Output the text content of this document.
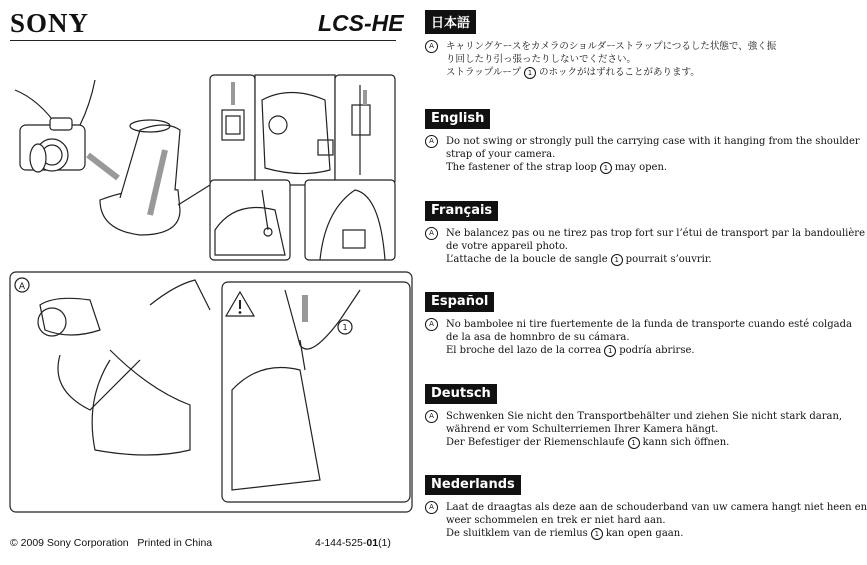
SONY	LCS-HE
A
1
© 2009 Sony Corporation Printed in China	4-144-525-01(1)
日本語
A	キャリングケースをカメラのショルダーストラップにつるした状態で、強く振
り回したり引っ張ったりしないでください。
ストラップループ 1 のホックがはずれることがあります。
English
A	Do not swing or strongly pull the carrying case with it hanging from the shoulder
strap of your camera.
The fastener of the strap loop 1 may open.
Français
A	Ne balancez pas ou ne tirez pas trop fort sur l’étui de transport par la bandoulière
de votre appareil photo.
L’attache de la boucle de sangle 1 pourrait s’ouvrir.
Español
A	No bambolee ni tire fuertemente de la funda de transporte cuando esté colgada
de la asa de homnbro de su cámara.
El broche del lazo de la correa 1 podría abrirse.
Deutsch
A	Schwenken Sie nicht den Transportbehälter und ziehen Sie nicht stark daran,
während er vom Schulterriemen Ihrer Kamera hängt.
Der Befestiger der Riemenschlaufe 1 kann sich öffnen.
Nederlands
A	Laat de draagtas als deze aan de schouderband van uw camera hangt niet heen en
weer schommelen en trek er niet hard aan.
De sluitklem van de riemlus 1 kan open gaan.
